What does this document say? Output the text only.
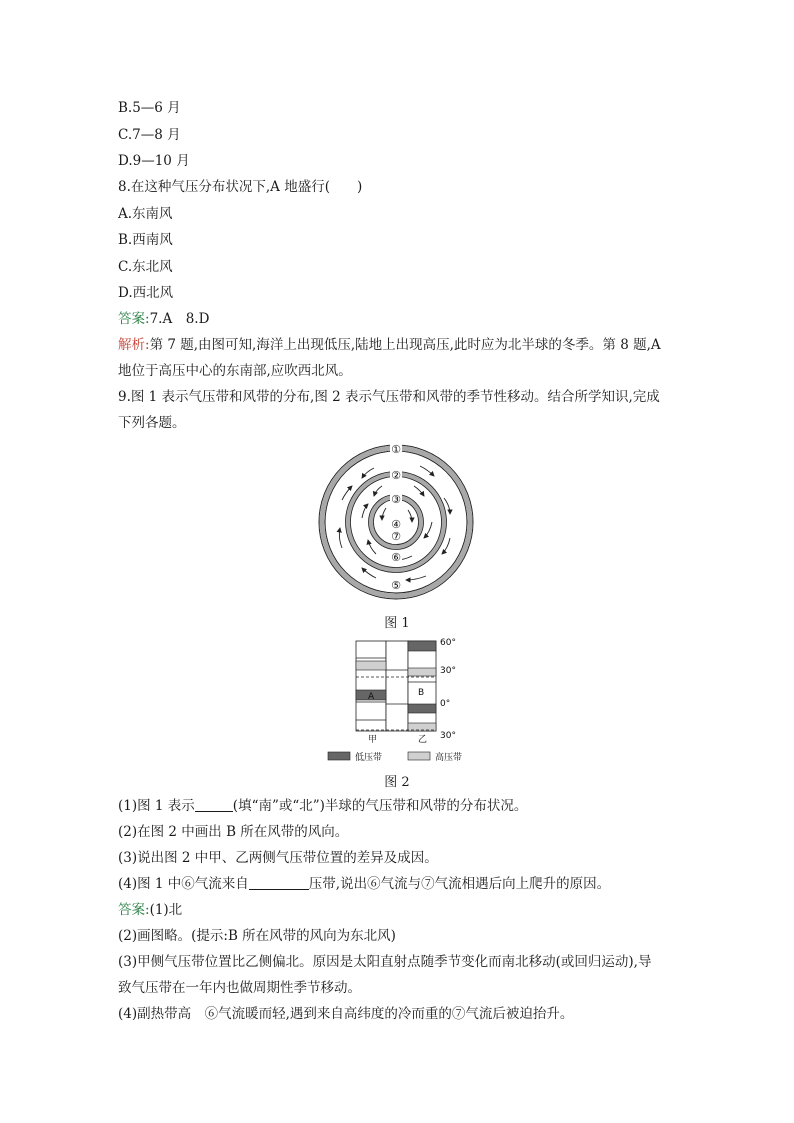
B.5—6 月
C.7—8 月
D.9—10 月
8.在这种气压分布状况下,A 地盛行(　　)
A.东南风
B.西南风
C.东北风
D.西北风
答案:7.A　8.D
解析:第 7 题,由图可知,海洋上出现低压,陆地上出现高压,此时应为北半球的冬季。第 8 题,A
地位于高压中心的东南部,应吹西北风。
9.图 1 表示气压带和风带的分布,图 2 表示气压带和风带的季节性移动。结合所学知识,完成
下列各题。
①
②
③
④
⑤
⑥
⑦
图 1
A	B
60°
30°
0°
30°
甲	乙
低压带	高压带
图 2
(1)图 1 表示	(填“南”或“北”)半球的气压带和风带的分布状况。
(2)在图 2 中画出 B 所在风带的风向。
(3)说出图 2 中甲、乙两侧气压带位置的差异及成因。
(4)图 1 中⑥气流来自	压带,说出⑥气流与⑦气流相遇后向上爬升的原因。
答案:(1)北
(2)画图略。(提示:B 所在风带的风向为东北风)
(3)甲侧气压带位置比乙侧偏北。原因是太阳直射点随季节变化而南北移动(或回归运动),导
致气压带在一年内也做周期性季节移动。
(4)副热带高　⑥气流暖而轻,遇到来自高纬度的冷而重的⑦气流后被迫抬升。
